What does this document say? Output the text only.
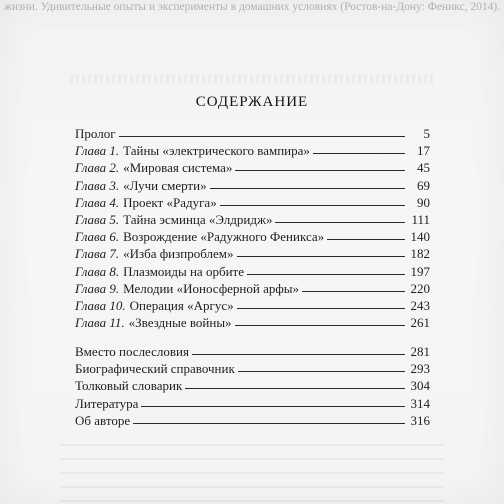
жизни. Удивительные опыты и эксперименты в домашних условиях (Ростов-на-Дону: Феникс, 2014).
СОДЕРЖАНИЕ
Пролог	5
Глава 1. Тайны «электрического вампира»	17
Глава 2. «Мировая система»	45
Глава 3. «Лучи смерти»	69
Глава 4. Проект «Радуга»	90
Глава 5. Тайна эсминца «Элдридж»	111
Глава 6. Возрождение «Радужного Феникса»	140
Глава 7. «Изба физпроблем»	182
Глава 8. Плазмоиды на орбите	197
Глава 9. Мелодии «Ионосферной арфы»	220
Глава 10. Операция «Аргус»	243
Глава 11. «Звездные войны»	261
Вместо послесловия	281
Биографический справочник	293
Толковый словарик	304
Литература	314
Об авторе	316
